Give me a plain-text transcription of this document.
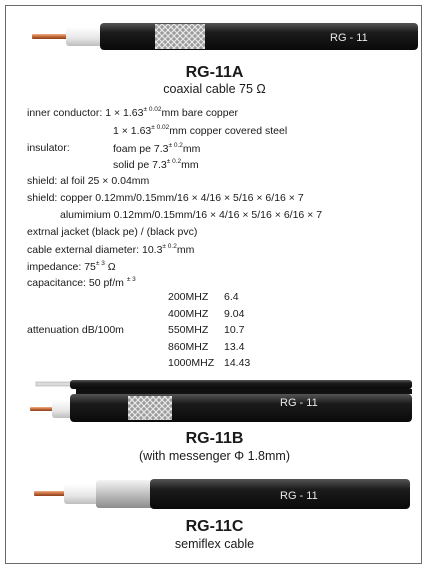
RG - 11
RG-11A
coaxial cable 75 Ω
inner conductor: $1 \times 1.63^{\pm 0.02}mm$ bare copper
$1 \times 1.63^{\pm 0.02}mm$ copper covered steel
insulator:	foam pe $7.3^{\pm 0.2}mm$
solid pe $7.3^{\pm 0.2}mm$
shield: al foil 25 × 0.04mm
shield: copper 0.12mm/0.15mm/16 × 4/16 × 5/16 × 6/16 × 7
alumimium 0.12mm/0.15mm/16 × 4/16 × 5/16 × 6/16 × 7
extrnal jacket (black pe) / (black pvc)
cable external diameter: $10.3^{\pm 0.2}mm$
impedance: $75^{\pm 3}$ Ω
capacitance: 50 pf/m $^{\pm 3}$
attenuation dB/100m
200MHZ 6.4
400MHZ 9.04
550MHZ 10.7
860MHZ 13.4
1000MHZ 14.43
RG - 11
RG-11B
(with messenger Φ 1.8mm)
RG - 11
RG-11C
semiflex cable
